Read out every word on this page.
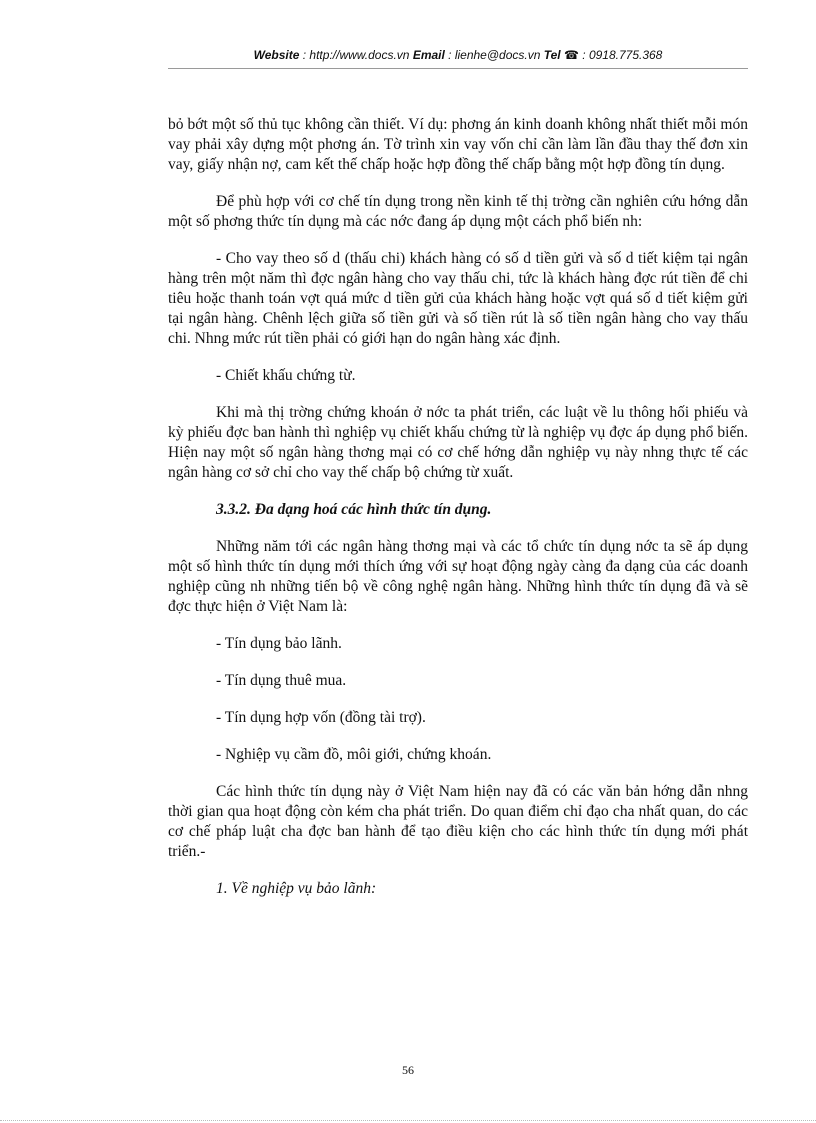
Website : http://www.docs.vn Email : lienhe@docs.vn Tel ☎ : 0918.775.368

bỏ bớt một số thủ tục không cần thiết. Ví dụ: phơng án kinh doanh không nhất thiết mỗi món vay phải xây dựng một phơng án. Tờ trình xin vay vốn chỉ cần làm lần đầu thay thế đơn xin vay, giấy nhận nợ, cam kết thế chấp hoặc hợp đồng thế chấp bằng một hợp đồng tín dụng.

Để phù hợp với cơ chế tín dụng trong nền kinh tế thị trờng cần nghiên cứu hớng dẫn một số phơng thức tín dụng mà các nớc đang áp dụng một cách phổ biến nh:

- Cho vay theo số d (thấu chi) khách hàng có số d tiền gửi và số d tiết kiệm tại ngân hàng trên một năm thì đợc ngân hàng cho vay thấu chi, tức là khách hàng đợc rút tiền để chi tiêu hoặc thanh toán vợt quá mức d tiền gửi của khách hàng hoặc vợt quá số d tiết kiệm gửi tại ngân hàng. Chênh lệch giữa số tiền gửi và số tiền rút là số tiền ngân hàng cho vay thấu chi. Nhng mức rút tiền phải có giới hạn do ngân hàng xác định.

- Chiết khấu chứng từ.

Khi mà thị trờng chứng khoán ở nớc ta phát triển, các luật về lu thông hối phiếu và kỳ phiếu đợc ban hành thì nghiệp vụ chiết khấu chứng từ là nghiệp vụ đợc áp dụng phổ biến. Hiện nay một số ngân hàng thơng mại có cơ chế hớng dẫn nghiệp vụ này nhng thực tế các ngân hàng cơ sở chỉ cho vay thế chấp bộ chứng từ xuất.

3.3.2. Đa dạng hoá các hình thức tín dụng.

Những năm tới các ngân hàng thơng mại và các tổ chức tín dụng nớc ta sẽ áp dụng một số hình thức tín dụng mới thích ứng với sự hoạt động ngày càng đa dạng của các doanh nghiệp cũng nh những tiến bộ về công nghệ ngân hàng. Những hình thức tín dụng đã và sẽ đợc thực hiện ở Việt Nam là:

- Tín dụng bảo lãnh.

- Tín dụng thuê mua.

- Tín dụng hợp vốn (đồng tài trợ).

- Nghiệp vụ cầm đồ, môi giới, chứng khoán.

Các hình thức tín dụng này ở Việt Nam hiện nay đã có các văn bản hớng dẫn nhng thời gian qua hoạt động còn kém cha phát triển. Do quan điểm chỉ đạo cha nhất quan, do các cơ chế pháp luật cha đợc ban hành để tạo điều kiện cho các hình thức tín dụng mới phát triển.-

1. Về nghiệp vụ bảo lãnh:

56
